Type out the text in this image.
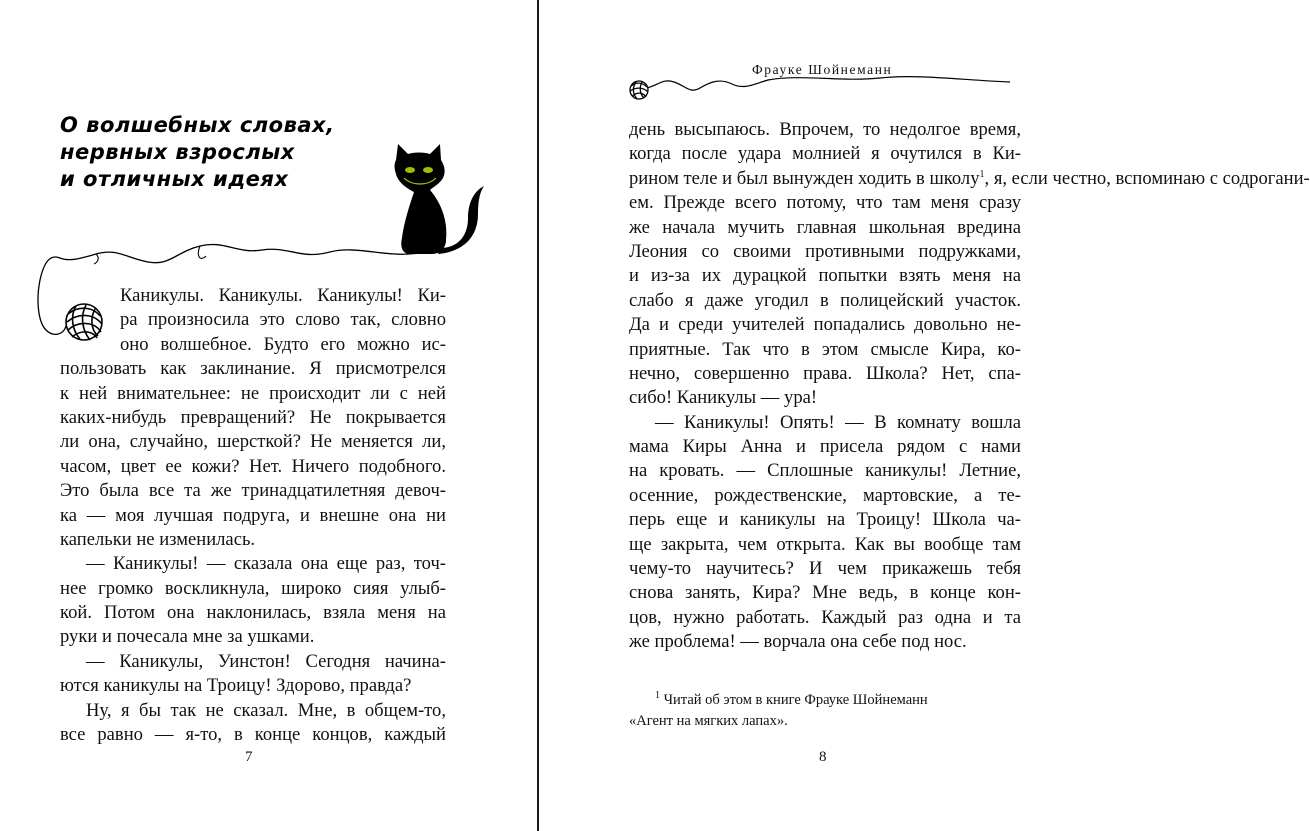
О волшебных словах,
нервных взрослых
и отличных идеях
Каникулы. Каникулы. Каникулы! Ки-
ра произносила это слово так, словно
оно волшебное. Будто его можно ис-
пользовать как заклинание. Я присмотрелся
к ней внимательнее: не происходит ли с ней
каких-нибудь превращений? Не покрывается
ли она, случайно, шерсткой? Не меняется ли,
часом, цвет ее кожи? Нет. Ничего подобного.
Это была все та же тринадцатилетняя девоч-
ка — моя лучшая подруга, и внешне она ни
капельки не изменилась.
— Каникулы! — сказала она еще раз, точ-
нее громко воскликнула, широко сияя улыб-
кой. Потом она наклонилась, взяла меня на
руки и почесала мне за ушками.
— Каникулы, Уинстон! Сегодня начина-
ются каникулы на Троицу! Здорово, правда?
Ну, я бы так не сказал. Мне, в общем-то,
все равно — я-то, в конце концов, каждый
7
Фрауке Шойнеманн
день высыпаюсь. Впрочем, то недолгое время,
когда после удара молнией я очутился в Ки-
рином теле и был вынужден ходить в школу$^1$, я, если честно, вспоминаю с содрогани-
ем. Прежде всего потому, что там меня сразу
же начала мучить главная школьная вредина
Леония со своими противными подружками,
и из-за их дурацкой попытки взять меня на
слабо я даже угодил в полицейский участок.
Да и среди учителей попадались довольно не-
приятные. Так что в этом смысле Кира, ко-
нечно, совершенно права. Школа? Нет, спа-
сибо! Каникулы — ура!
— Каникулы! Опять! — В комнату вошла
мама Киры Анна и присела рядом с нами
на кровать. — Сплошные каникулы! Летние,
осенние, рождественские, мартовские, а те-
перь еще и каникулы на Троицу! Школа ча-
ще закрыта, чем открыта. Как вы вообще там
чему-то научитесь? И чем прикажешь тебя
снова занять, Кира? Мне ведь, в конце кон-
цов, нужно работать. Каждый раз одна и та
же проблема! — ворчала она себе под нос.
$^1$ Читай об этом в книге Фрауке Шойнеманн
«Агент на мягких лапах».
8
